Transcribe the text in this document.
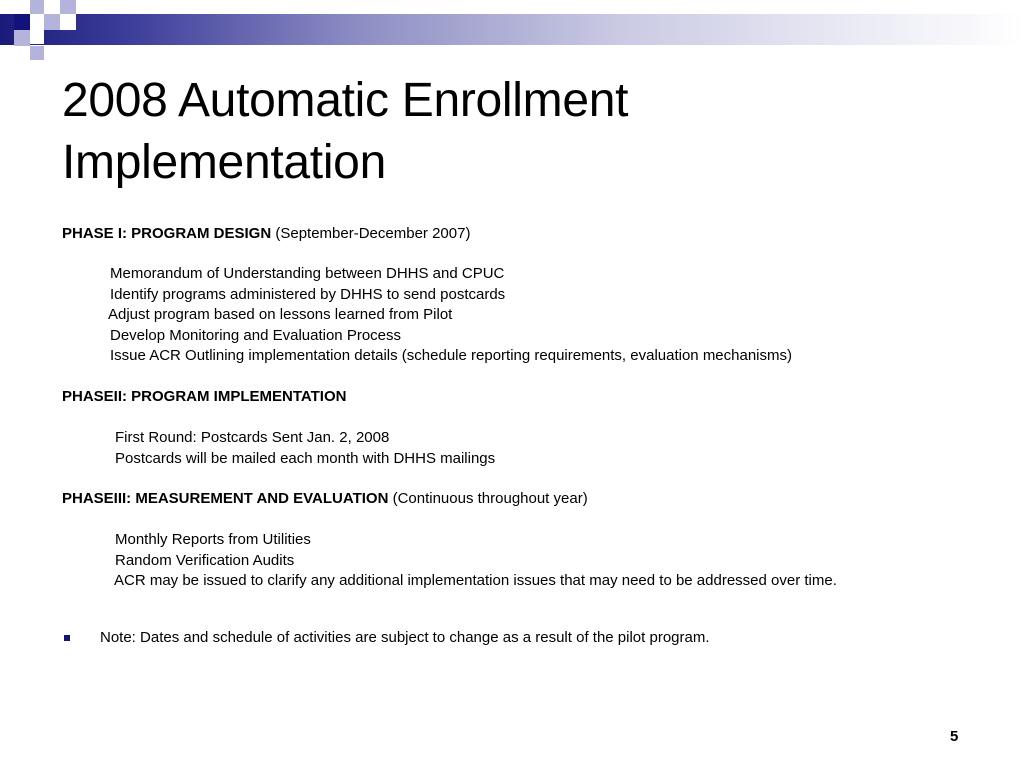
2008 Automatic Enrollment
Implementation
PHASE I: PROGRAM DESIGN (September-December 2007)
Memorandum of Understanding between DHHS and CPUC
Identify programs administered by DHHS to send postcards
Adjust program based on lessons learned from Pilot
Develop Monitoring and Evaluation Process
Issue ACR Outlining implementation details (schedule reporting requirements, evaluation mechanisms)
PHASEII: PROGRAM IMPLEMENTATION
First Round: Postcards Sent Jan. 2, 2008
Postcards will be mailed each month with DHHS mailings
PHASEIII: MEASUREMENT AND EVALUATION (Continuous throughout year)
Monthly Reports from Utilities
Random Verification Audits
ACR may be issued to clarify any additional implementation issues that may need to be addressed over time.
Note: Dates and schedule of activities are subject to change as a result of the pilot program.
5
